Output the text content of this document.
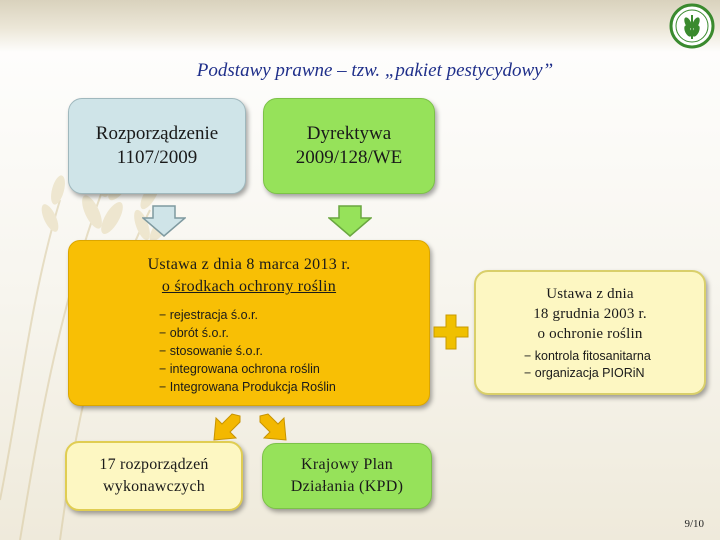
Podstawy prawne – tzw. „pakiet pestycydowy”
Rozporządzenie
1107/2009
Dyrektywa
2009/128/WE
Ustawa z dnia 8 marca 2013 r.
o środkach ochrony roślin
− rejestracja ś.o.r.
− obrót ś.o.r.
− stosowanie ś.o.r.
− integrowana ochrona roślin
− Integrowana Produkcja Roślin
Ustawa z dnia
18 grudnia 2003 r.
o ochronie roślin
− kontrola fitosanitarna
− organizacja PIORiN
17 rozporządzeń
wykonawczych
Krajowy Plan
Działania (KPD)
9/10
